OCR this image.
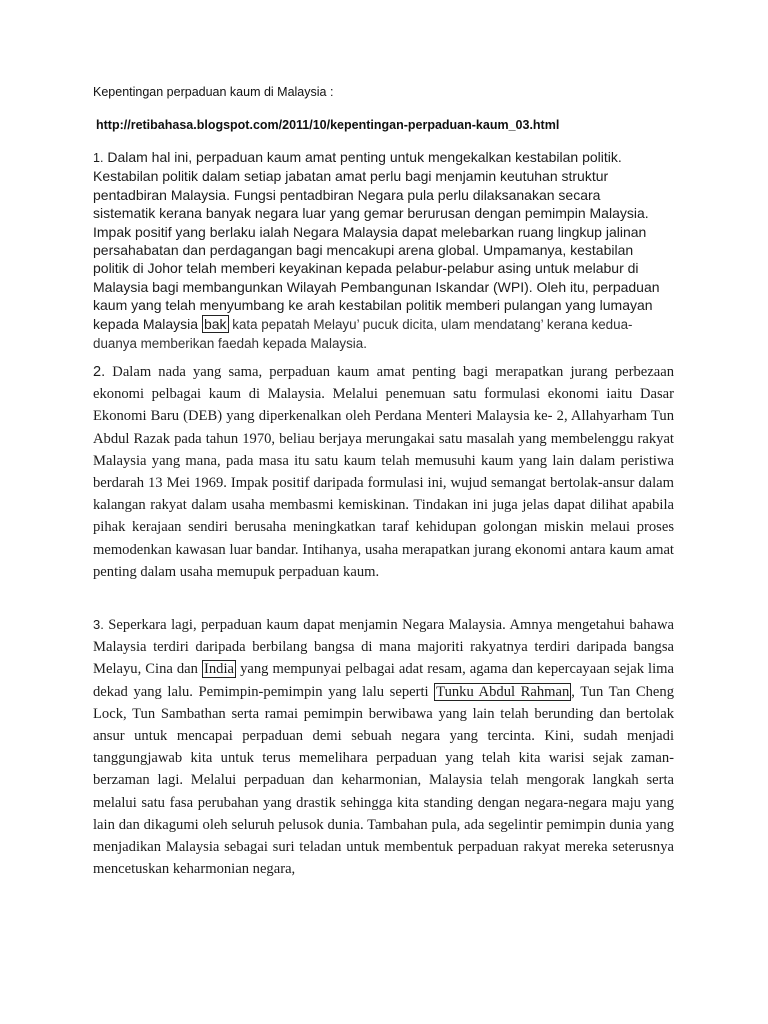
Kepentingan perpaduan kaum di Malaysia :

http://retibahasa.blogspot.com/2011/10/kepentingan-perpaduan-kaum_03.html

1. Dalam hal ini, perpaduan kaum amat penting untuk mengekalkan kestabilan politik. Kestabilan politik dalam setiap jabatan amat perlu bagi menjamin keutuhan struktur pentadbiran Malaysia. Fungsi pentadbiran Negara pula perlu dilaksanakan secara sistematik kerana banyak negara luar yang gemar berurusan dengan pemimpin Malaysia. Impak positif yang berlaku ialah Negara Malaysia dapat melebarkan ruang lingkup jalinan persahabatan dan perdagangan bagi mencakupi arena global. Umpamanya, kestabilan politik di Johor telah memberi keyakinan kepada pelabur-pelabur asing untuk melabur di Malaysia bagi membangunkan Wilayah Pembangunan Iskandar (WPI). Oleh itu, perpaduan kaum yang telah menyumbang ke arah kestabilan politik memberi pulangan yang lumayan kepada Malaysia bak kata pepatah Melayu’ pucuk dicita, ulam mendatang’ kerana kedua-duanya memberikan faedah kepada Malaysia.

2. Dalam nada yang sama, perpaduan kaum amat penting bagi merapatkan jurang perbezaan ekonomi pelbagai kaum di Malaysia. Melalui penemuan satu formulasi ekonomi iaitu Dasar Ekonomi Baru (DEB) yang diperkenalkan oleh Perdana Menteri Malaysia ke- 2, Allahyarham Tun Abdul Razak pada tahun 1970, beliau berjaya merungakai satu masalah yang membelenggu rakyat Malaysia yang mana, pada masa itu satu kaum telah memusuhi kaum yang lain dalam peristiwa berdarah 13 Mei 1969. Impak positif daripada formulasi ini, wujud semangat bertolak-ansur dalam kalangan rakyat dalam usaha membasmi kemiskinan. Tindakan ini juga jelas dapat dilihat apabila pihak kerajaan sendiri berusaha meningkatkan taraf kehidupan golongan miskin melaui proses memodenkan kawasan luar bandar. Intihanya, usaha merapatkan jurang ekonomi antara kaum amat penting dalam usaha memupuk perpaduan kaum.

3. Seperkara lagi, perpaduan kaum dapat menjamin Negara Malaysia. Amnya mengetahui bahawa Malaysia terdiri daripada berbilang bangsa di mana majoriti rakyatnya terdiri daripada bangsa Melayu, Cina dan India yang mempunyai pelbagai adat resam, agama dan kepercayaan sejak lima dekad yang lalu. Pemimpin-pemimpin yang lalu seperti Tunku Abdul Rahman , Tun Tan Cheng Lock, Tun Sambathan serta ramai pemimpin berwibawa yang lain telah berunding dan bertolak ansur untuk mencapai perpaduan demi sebuah negara yang tercinta. Kini, sudah menjadi tanggungjawab kita untuk terus memelihara perpaduan yang telah kita warisi sejak zaman-berzaman lagi. Melalui perpaduan dan keharmonian, Malaysia telah mengorak langkah serta melalui satu fasa perubahan yang drastik sehingga kita standing dengan negara-negara maju yang lain dan dikagumi oleh seluruh pelusok dunia. Tambahan pula, ada segelintir pemimpin dunia yang menjadikan Malaysia sebagai suri teladan untuk membentuk perpaduan rakyat mereka seterusnya mencetuskan keharmonian negara,
